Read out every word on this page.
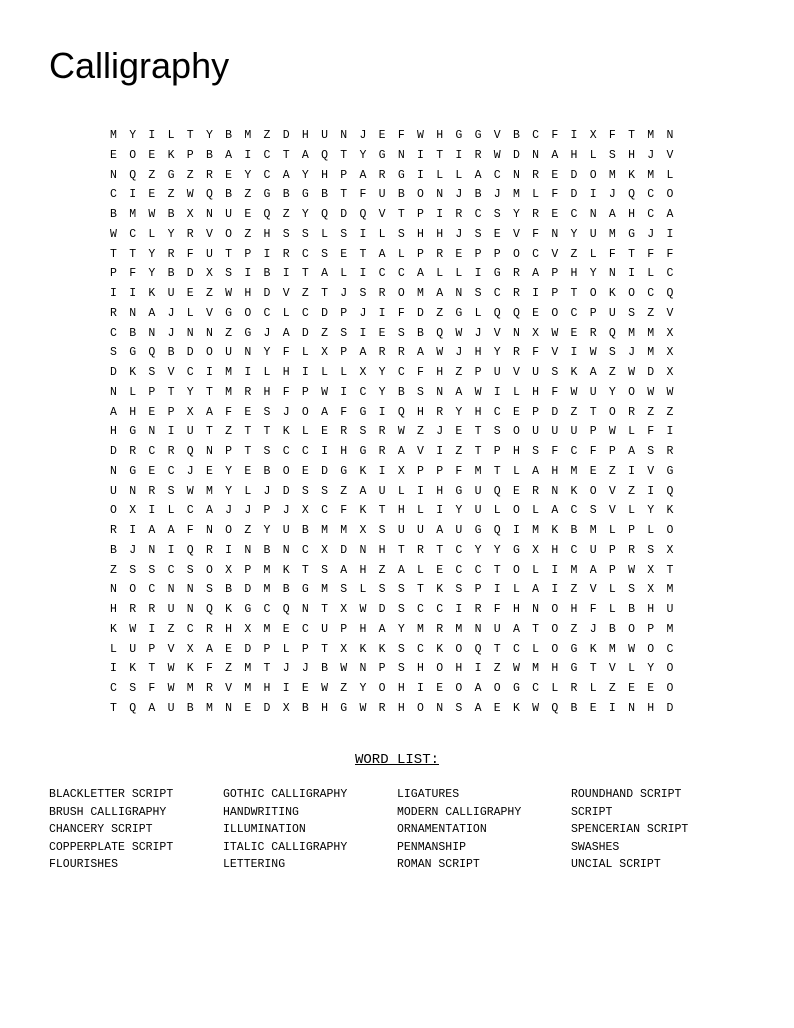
Calligraphy
M	Y	I	L	T	Y	B	M	Z	D	H	U	N	J	E	F	W	H	G	G	V	B	C	F	I	X	F	T	M	N
E	O	E	K	P	B	A	I	C	T	A	Q	T	Y	G	N	I	T	I	R	W	D	N	A	H	L	S	H	J	V
N	Q	Z	G	Z	R	E	Y	C	A	Y	H	P	A	R	G	I	L	L	A	C	N	R	E	D	O	M	K	M	L
C	I	E	Z	W	Q	B	Z	G	B	G	B	T	F	U	B	O	N	J	B	J	M	L	F	D	I	J	Q	C	O
B	M	W	B	X	N	U	E	Q	Z	Y	Q	D	Q	V	T	P	I	R	C	S	Y	R	E	C	N	A	H	C	A
W	C	L	Y	R	V	O	Z	H	S	S	L	S	I	L	S	H	H	J	S	E	V	F	N	Y	U	M	G	J	I
T	T	Y	R	F	U	T	P	I	R	C	S	E	T	A	L	P	R	E	P	P	O	C	V	Z	L	F	T	F	F
P	F	Y	B	D	X	S	I	B	I	T	A	L	I	C	C	A	L	L	I	G	R	A	P	H	Y	N	I	L	C
I	I	K	U	E	Z	W	H	D	V	Z	T	J	S	R	O	M	A	N	S	C	R	I	P	T	O	K	O	C	Q
R	N	A	J	L	V	G	O	C	L	C	D	P	J	I	F	D	Z	G	L	Q	Q	E	O	C	P	U	S	Z	V
C	B	N	J	N	N	Z	G	J	A	D	Z	S	I	E	S	B	Q	W	J	V	N	X	W	E	R	Q	M	M	X
S	G	Q	B	D	O	U	N	Y	F	L	X	P	A	R	R	A	W	J	H	Y	R	F	V	I	W	S	J	M	X
D	K	S	V	C	I	M	I	L	H	I	L	L	X	Y	C	F	H	Z	P	U	V	U	S	K	A	Z	W	D	X
N	L	P	T	Y	T	M	R	H	F	P	W	I	C	Y	B	S	N	A	W	I	L	H	F	W	U	Y	O	W	W
A	H	E	P	X	A	F	E	S	J	O	A	F	G	I	Q	H	R	Y	H	C	E	P	D	Z	T	O	R	Z	Z
H	G	N	I	U	T	Z	T	T	K	L	E	R	S	R	W	Z	J	E	T	S	O	U	U	U	P	W	L	F	I
D	R	C	R	Q	N	P	T	S	C	C	I	H	G	R	A	V	I	Z	T	P	H	S	F	C	F	P	A	S	R
N	G	E	C	J	E	Y	E	B	O	E	D	G	K	I	X	P	P	F	M	T	L	A	H	M	E	Z	I	V	G
U	N	R	S	W	M	Y	L	J	D	S	S	Z	A	U	L	I	H	G	U	Q	E	R	N	K	O	V	Z	I	Q
O	X	I	L	C	A	J	J	P	J	X	C	F	K	T	H	L	I	Y	U	L	O	L	A	C	S	V	L	Y	K
R	I	A	A	F	N	O	Z	Y	U	B	M	M	X	S	U	U	A	U	G	Q	I	M	K	B	M	L	P	L	O
B	J	N	I	Q	R	I	N	B	N	C	X	D	N	H	T	R	T	C	Y	Y	G	X	H	C	U	P	R	S	X
Z	S	S	C	S	O	X	P	M	K	T	S	A	H	Z	A	L	E	C	C	T	O	L	I	M	A	P	W	X	T
N	O	C	N	N	S	B	D	M	B	G	M	S	L	S	S	T	K	S	P	I	L	A	I	Z	V	L	S	X	M
H	R	R	U	N	Q	K	G	C	Q	N	T	X	W	D	S	C	C	I	R	F	H	N	O	H	F	L	B	H	U
K	W	I	Z	C	R	H	X	M	E	C	U	P	H	A	Y	M	R	M	N	U	A	T	O	Z	J	B	O	P	M
L	U	P	V	X	A	E	D	P	L	P	T	X	K	K	S	C	K	O	Q	T	C	L	O	G	K	M	W	O	C
I	K	T	W	K	F	Z	M	T	J	J	B	W	N	P	S	H	O	H	I	Z	W	M	H	G	T	V	L	Y	O
C	S	F	W	M	R	V	M	H	I	E	W	Z	Y	O	H	I	E	O	A	O	G	C	L	R	L	Z	E	E	O
T	Q	A	U	B	M	N	E	D	X	B	H	G	W	R	H	O	N	S	A	E	K	W	Q	B	E	I	N	H	D
WORD LIST:
BLACKLETTER SCRIPT
BRUSH CALLIGRAPHY
CHANCERY SCRIPT
COPPERPLATE SCRIPT
FLOURISHES
GOTHIC CALLIGRAPHY
HANDWRITING
ILLUMINATION
ITALIC CALLIGRAPHY
LETTERING
LIGATURES
MODERN CALLIGRAPHY
ORNAMENTATION
PENMANSHIP
ROMAN SCRIPT
ROUNDHAND SCRIPT
SCRIPT
SPENCERIAN SCRIPT
SWASHES
UNCIAL SCRIPT
